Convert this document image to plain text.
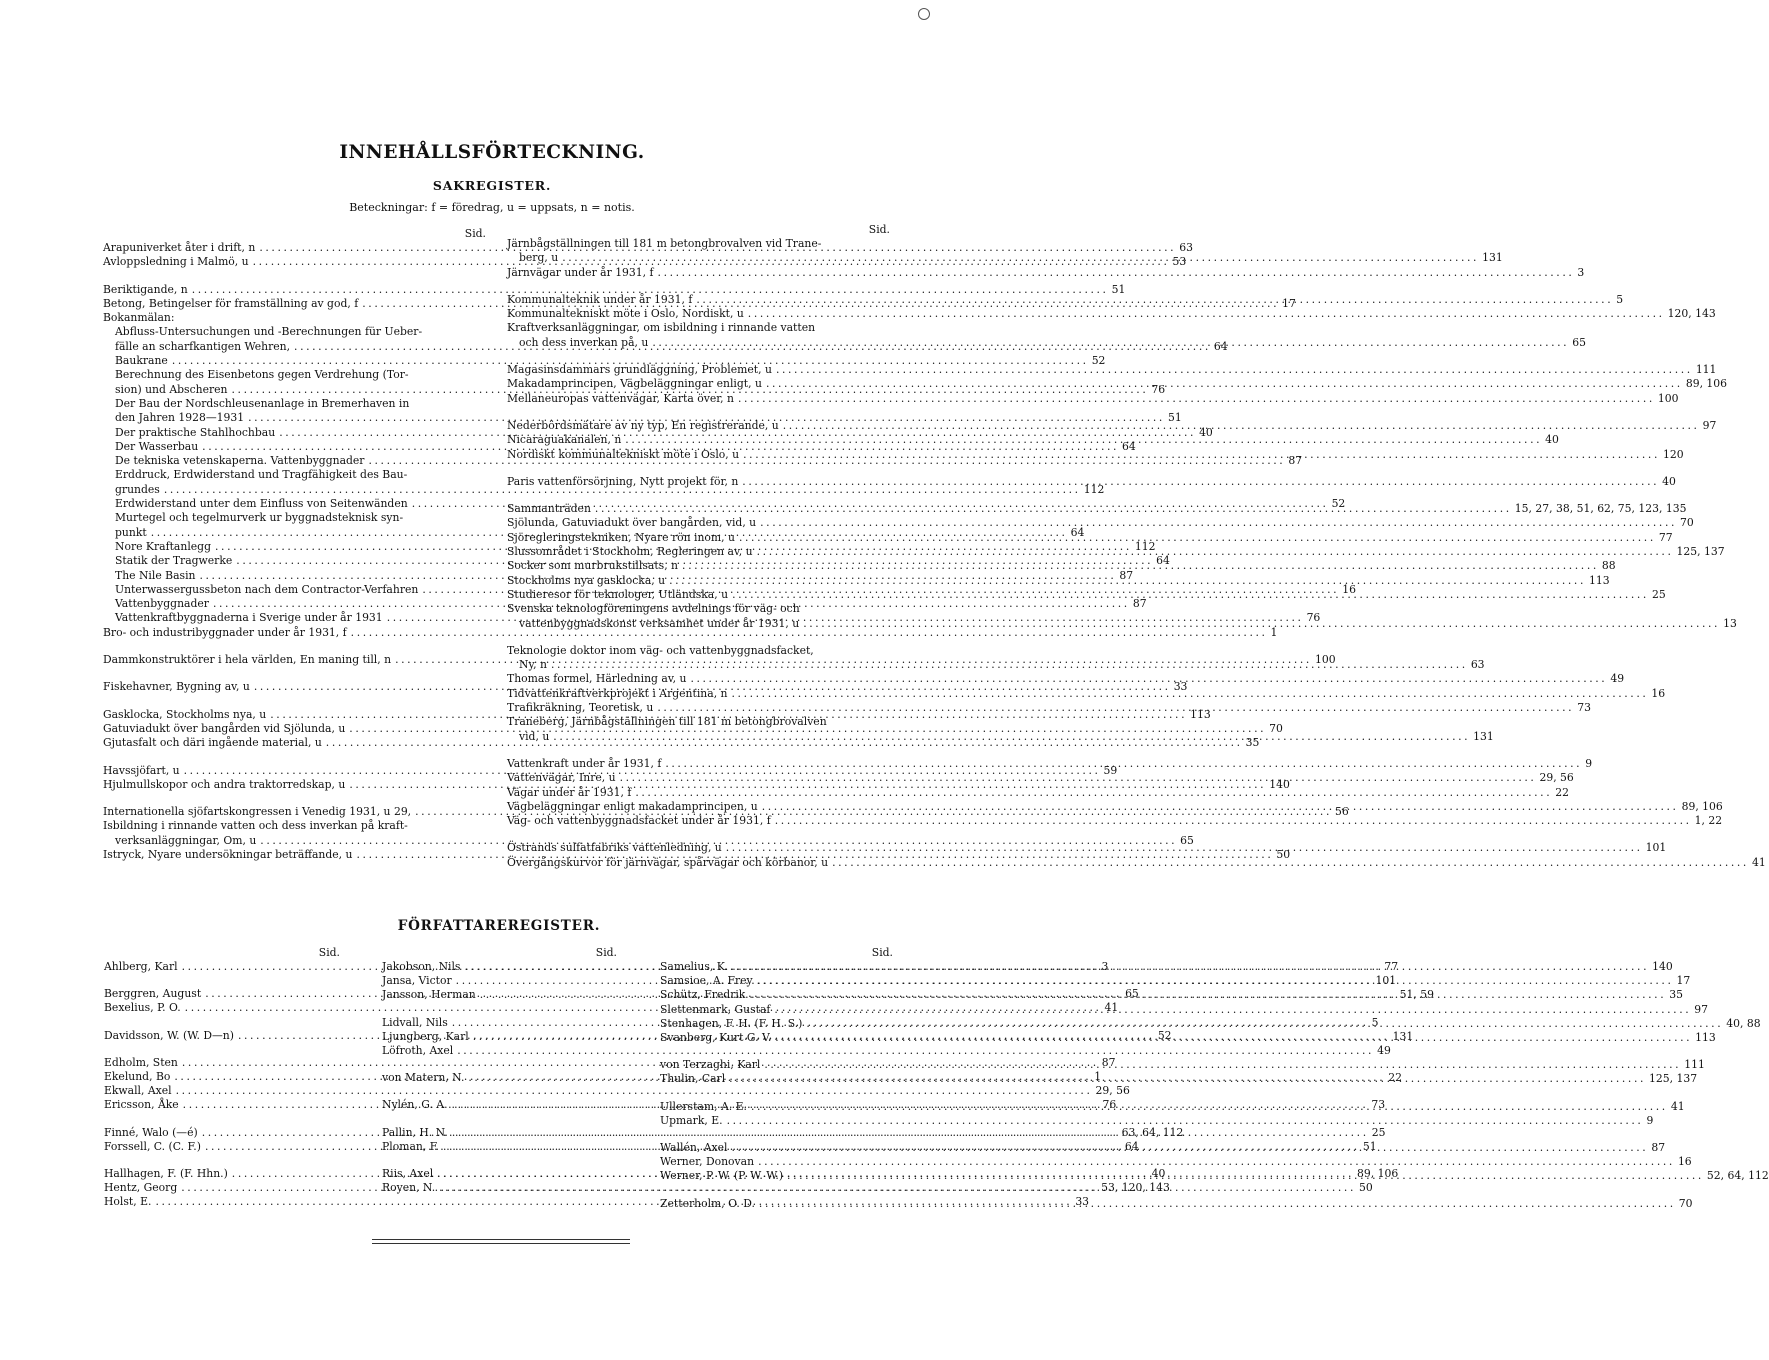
INNEHÅLLSFÖRTECKNING.
SAKREGISTER.
Beteckningar: f = föredrag, u = uppsats, n = notis.
Sid.
Arapuniverket åter i drift, n .....	63
Avloppsledning i Malmö, u .....	53
Beriktigande, n .....	51
Betong, Betingelser för framställning av god, f .....	17
Bokanmälan:
Abfluss-Untersuchungen und -Berechnungen für Ueber-
fälle an scharfkantigen Wehren, .....	64
Baukrane .....	52
Berechnung des Eisenbetons gegen Verdrehung (Tor-
sion) und Abscheren .....	76
Der Bau der Nordschleusenanlage in Bremerhaven in
den Jahren 1928—1931 .....	51
Der praktische Stahlhochbau .....	40
Der Wasserbau .....	64
De tekniska vetenskaperna. Vattenbyggnader .....	87
Erddruck, Erdwiderstand und Tragfähigkeit des Bau-
grundes .....	112
Erdwiderstand unter dem Einfluss von Seitenwänden .....	52
Murtegel och tegelmurverk ur byggnadsteknisk syn-
punkt .....	64
Nore Kraftanlegg .....	112
Statik der Tragwerke .....	64
The Nile Basin .....	87
Unterwassergussbeton nach dem Contractor-Verfahren .....	16
Vattenbyggnader .....	87
Vattenkraftbyggnaderna i Sverige under år 1931 .....	76
Bro- och industribyggnader under år 1931, f .....	1
Dammkonstruktörer i hela världen, En maning till, n .....	100
Fiskehavner, Bygning av, u .....	33
Gasklocka, Stockholms nya, u .....	113
Gatuviadukt över bangården vid Sjölunda, u .....	70
Gjutasfalt och däri ingående material, u .....	35
Havssjöfart, u .....	59
Hjulmullskopor och andra traktorredskap, u .....	140
Internationella sjöfartskongressen i Venedig 1931, u 29, .....	56
Isbildning i rinnande vatten och dess inverkan på kraft-
verksanläggningar, Om, u .....	65
Istryck, Nyare undersökningar beträffande, u .....	50
Sid.
Järnbågställningen till 181 m betongbrovalven vid Trane-
berg, u .....	131
Järnvägar under år 1931, f .....	3
Kommunalteknik under år 1931, f .....	5
Kommunaltekniskt möte i Oslo, Nordiskt, u .....	120, 143
Kraftverksanläggningar, om isbildning i rinnande vatten
och dess inverkan på, u .....	65
Magasinsdammars grundläggning, Problemet, u .....	111
Makadamprincipen, Vägbeläggningar enligt, u .....	89, 106
Mellaneuropas vattenvägar, Karta över, n .....	100
Nederbördsmätare av ny typ, En registrerande, u .....	97
Nicaraguakanalen, n .....	40
Nordiskt kommunaltekniskt möte i Oslo, u .....	120
Paris vattenförsörjning, Nytt projekt för, n .....	40
Sammanträden .....	15, 27, 38, 51, 62, 75, 123, 135
Sjölunda, Gatuviadukt över bangården, vid, u .....	70
Sjöregleringstekniken, Nyare rön inom, u .....	77
Slussområdet i Stockholm, Regleringen av, u .....	125, 137
Socker som murbrukstillsats, n .....	88
Stockholms nya gasklocka, u .....	113
Studieresor för teknologer, Utländska, u .....	25
Svenska teknologföreningens avdelnings för väg- och
vattenbyggnadskonst verksamhet under år 1931, u .....	13
Teknologie doktor inom väg- och vattenbyggnadsfacket,
Ny, n .....	63
Thomas formel, Härledning av, u .....	49
Tidvattenkraftverkprojekt i Argentina, n .....	16
Trafikräkning, Teoretisk, u .....	73
Traneberg, Järnbågställningen till 181 m betongbrovalven
vid, u .....	131
Vattenkraft under år 1931, f .....	9
Vattenvägar, Inre, u .....	29, 56
Vägar under år 1931, f .....	22
Vägbeläggningar enligt makadamprincipen, u .....	89, 106
Väg- och vattenbyggnadsfacket under år 1931, f .....	1, 22
Östrands sulfatfabriks vattenledning, u .....	101
Övergångskurvor för järnvägar, spårvägar och körbanor, u .....	41
FÖRFATTAREREGISTER.
Sid.
Ahlberg, Karl .....	3
Berggren, August .....	65
Bexelius, P. O. .....	41
Davidsson, W. (W. D—n) .....	52
Edholm, Sten .....	87
Ekelund, Bo .....	1
Ekwall, Axel .....	29, 56
Ericsson, Åke .....	76
Finné, Walo (—é) .....	63, 64, 112
Forssell, C. (C. F.) .....	64
Hallhagen, F. (F. Hhn.) .....	40
Hentz, Georg .....	53, 120, 143
Holst, E. .....	33
Sid.
Jakobson, Nils .....	77
Jansa, Victor .....	101
Jansson, Herman .....	51, 59
Lidvall, Nils .....	5
Ljungberg, Karl .....	131
Löfroth, Axel .....	49
von Matern, N. .....	22
Nylén, G. A. .....	73
Pallin, H. N. .....	25
Ploman, F. .....	51
Riis, Axel .....	89, 106
Royen, N. .....	50
Sid.
Samelius, K. .....	140
Samsioe, A. Frey .....	17
Schütz, Fredrik .....	35
Slettenmark, Gustaf .....	97
Stenhagen, F. H. (F. H. S.) .....	40, 88
Svanberg, Kurt G. V. .....	113
von Terzaghi, Karl .....	111
Thulin, Carl .....	125, 137
Ullerstam, A. E. .....	41
Upmark, E. .....	9
Wallén, Axel .....	87
Werner, Donovan .....	16
Werner, P. W. (P. W. W.) .....	52, 64, 112
Zetterholm, O. D. .....	70
